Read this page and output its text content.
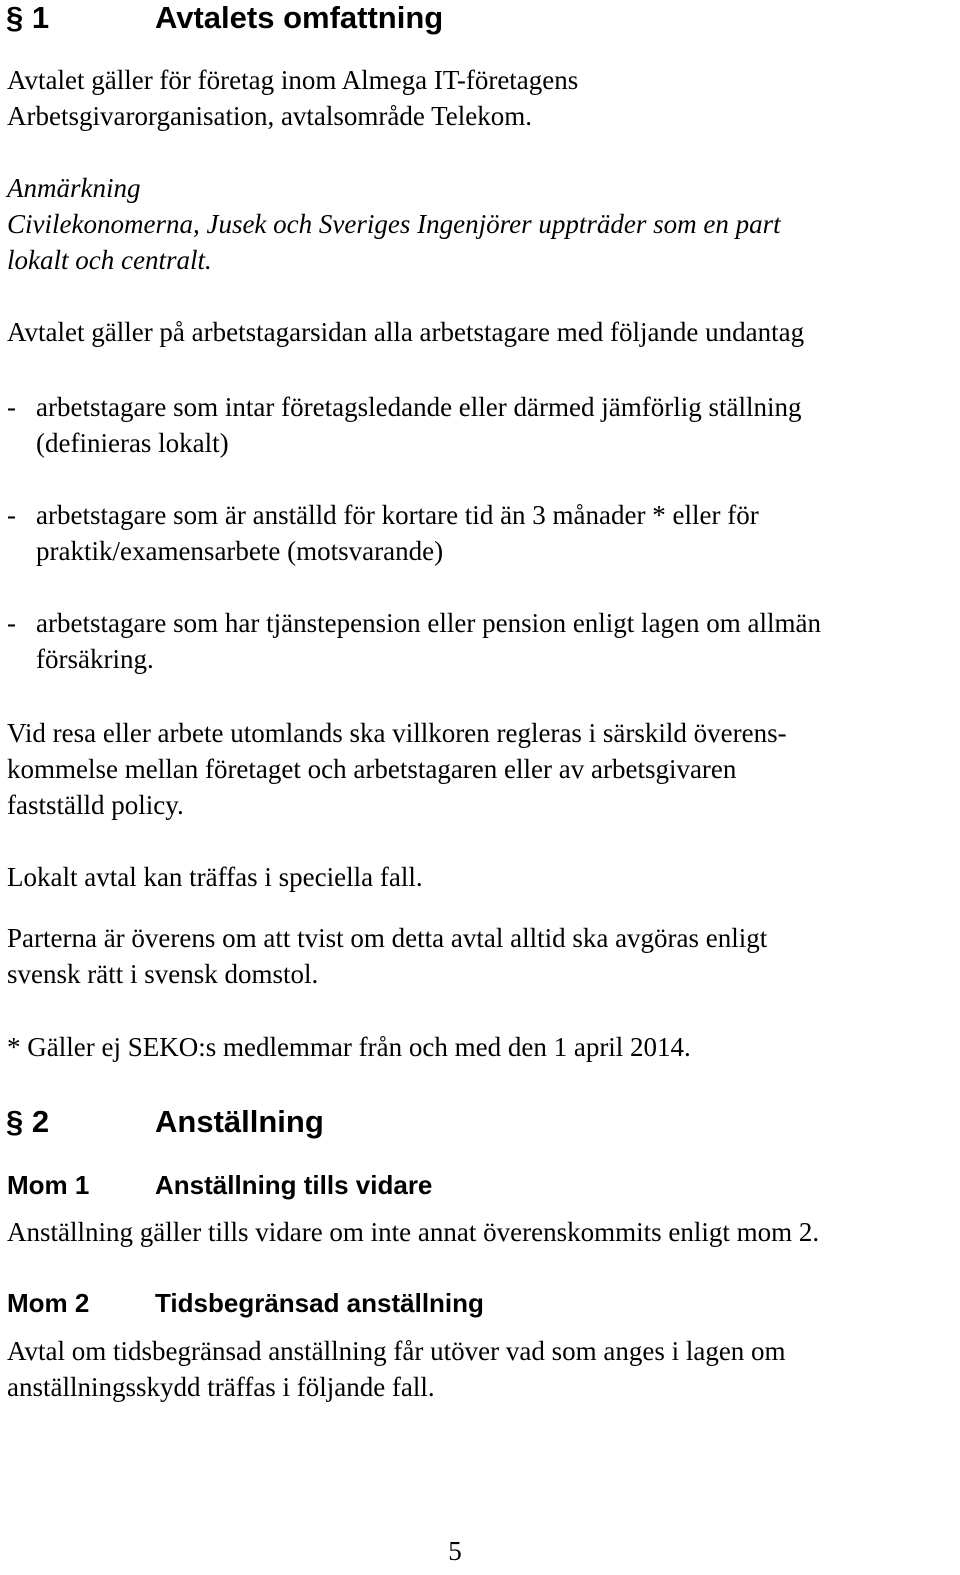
§ 1	Avtalets omfattning
Avtalet gäller för företag inom Almega IT-företagens
Arbetsgivarorganisation, avtalsområde Telekom.
Anmärkning
Civilekonomerna, Jusek och Sveriges Ingenjörer uppträder som en part
lokalt och centralt.
Avtalet gäller på arbetstagarsidan alla arbetstagare med följande undantag
- arbetstagare som intar företagsledande eller därmed jämförlig ställning
(definieras lokalt)
- arbetstagare som är anställd för kortare tid än 3 månader * eller för
praktik/examensarbete (motsvarande)
- arbetstagare som har tjänstepension eller pension enligt lagen om allmän
försäkring.
Vid resa eller arbete utomlands ska villkoren regleras i särskild överens-
kommelse mellan företaget och arbetstagaren eller av arbetsgivaren
fastställd policy.
Lokalt avtal kan träffas i speciella fall.
Parterna är överens om att tvist om detta avtal alltid ska avgöras enligt
svensk rätt i svensk domstol.
* Gäller ej SEKO:s medlemmar från och med den 1 april 2014.
§ 2	Anställning
Mom 1	Anställning tills vidare
Anställning gäller tills vidare om inte annat överenskommits enligt mom 2.
Mom 2	Tidsbegränsad anställning
Avtal om tidsbegränsad anställning får utöver vad som anges i lagen om
anställningsskydd träffas i följande fall.
5
